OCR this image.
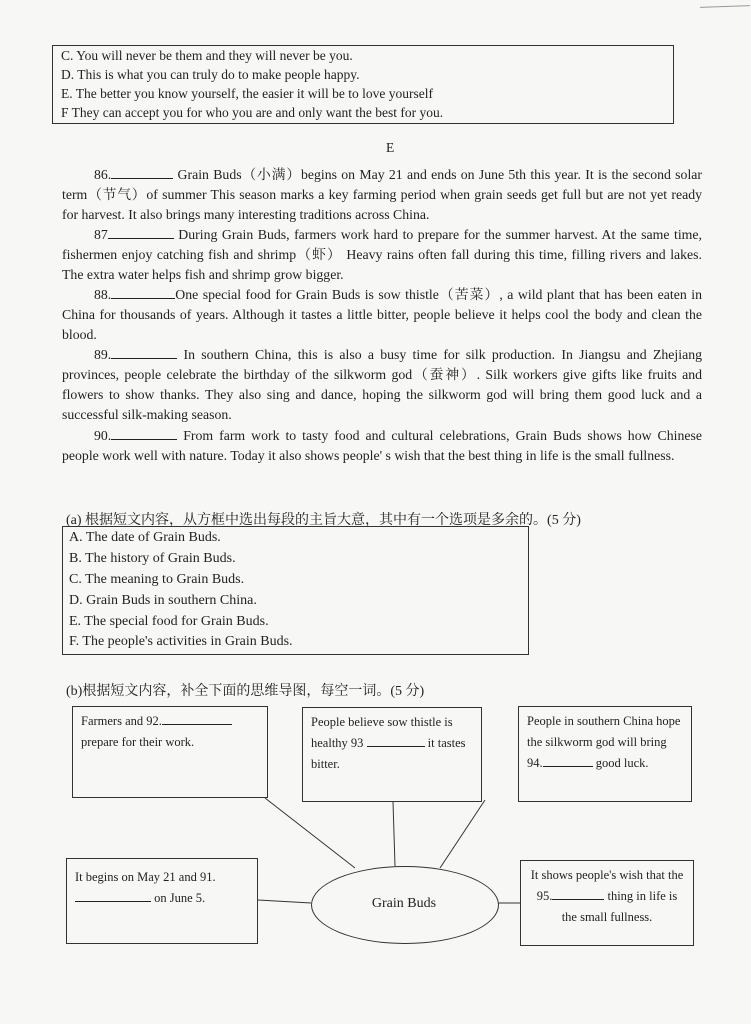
C. You will never be them and they will never be you.
D. This is what you can truly do to make people happy.
E. The better you know yourself, the easier it will be to love yourself
F They can accept you for who you are and only want the best for you.
E
86.	Grain Buds（小满）begins on May 21 and ends on June 5th this year. It is the second solar term（节气）of summer This season marks a key farming period when grain seeds get full but are not yet ready for harvest. It also brings many interesting traditions across China.
87	During Grain Buds, farmers work hard to prepare for the summer harvest. At the same time, fishermen enjoy catching fish and shrimp（虾） Heavy rains often fall during this time, filling rivers and lakes. The extra water helps fish and shrimp grow bigger.
88.	One special food for Grain Buds is sow thistle（苦菜）, a wild plant that has been eaten in China for thousands of years. Although it tastes a little bitter, people believe it helps cool the body and clean the blood.
89.	In southern China, this is also a busy time for silk production. In Jiangsu and Zhejiang provinces, people celebrate the birthday of the silkworm god（蚕神）. Silk workers give gifts like fruits and flowers to show thanks. They also sing and dance, hoping the silkworm god will bring them good luck and a successful silk-making season.
90.	From farm work to tasty food and cultural celebrations, Grain Buds shows how Chinese people work well with nature. Today it also shows people' s wish that the best thing in life is the small fullness.
(a) 根据短文内容，从方框中选出每段的主旨大意，其中有一个选项是多余的。(5 分)
A. The date of Grain Buds.
B. The history of Grain Buds.
C. The meaning to Grain Buds.
D. Grain Buds in southern China.
E. The special food for Grain Buds.
F. The people's activities in Grain Buds.
(b)根据短文内容，补全下面的思维导图，每空一词。(5 分)
Farmers and 92.
prepare for their work.
People believe sow thistle is healthy 93	it tastes bitter.
People in southern China hope the silkworm god will bring 94.	good luck.
It begins on May 21 and 91.
on June 5.	Grain Buds
It shows people's wish that the 95.	thing in life is the small fullness.
